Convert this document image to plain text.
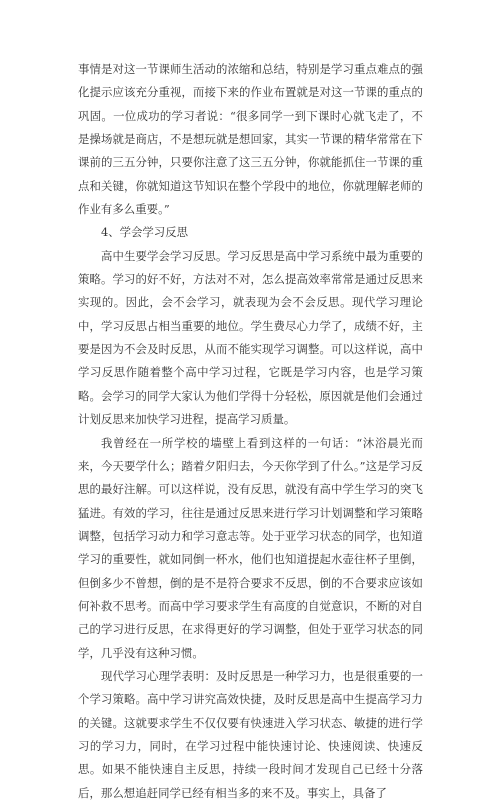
事情是对这一节课师生活动的浓缩和总结，特别是学习重点难点的强化提示应该充分重视，而接下来的作业布置就是对这一节课的重点的巩固。一位成功的学习者说：“很多同学一到下课时心就飞走了，不是操场就是商店，不是想玩就是想回家，其实一节课的精华常常在下课前的三五分钟，只要你注意了这三五分钟，你就能抓住一节课的重点和关键，你就知道这节知识在整个学段中的地位，你就理解老师的作业有多么重要。”

4、学会学习反思

高中生要学会学习反思。学习反思是高中学习系统中最为重要的策略。学习的好不好，方法对不对，怎么提高效率常常是通过反思来实现的。因此，会不会学习，就表现为会不会反思。现代学习理论中，学习反思占相当重要的地位。学生费尽心力学了，成绩不好，主要是因为不会及时反思，从而不能实现学习调整。可以这样说，高中学习反思作随着整个高中学习过程，它既是学习内容，也是学习策略。会学习的同学大家认为他们学得十分轻松，原因就是他们会通过计划反思来加快学习进程，提高学习质量。

我曾经在一所学校的墙壁上看到这样的一句话：“沐浴晨光而来，今天要学什么；踏着夕阳归去，今天你学到了什么。”这是学习反思的最好注解。可以这样说，没有反思，就没有高中学生学习的突飞猛进。有效的学习，往往是通过反思来进行学习计划调整和学习策略调整，包括学习动力和学习意志等。处于亚学习状态的同学，也知道学习的重要性，就如同倒一杯水，他们也知道提起水壶往杯子里倒，但倒多少不曾想，倒的是不是符合要求不反思，倒的不合要求应该如何补救不思考。而高中学习要求学生有高度的自觉意识，不断的对自己的学习进行反思，在求得更好的学习调整，但处于亚学习状态的同学，几乎没有这种习惯。

现代学习心理学表明：及时反思是一种学习力，也是很重要的一个学习策略。高中学习讲究高效快捷，及时反思是高中生提高学习力的关键。这就要求学生不仅仅要有快速进入学习状态、敏捷的进行学习的学习力，同时，在学习过程中能快速讨论、快速阅读、快速反思。如果不能快速自主反思，持续一段时间才发现自己已经十分落后，那么想追赶同学已经有相当多的来不及。事实上，具备了
